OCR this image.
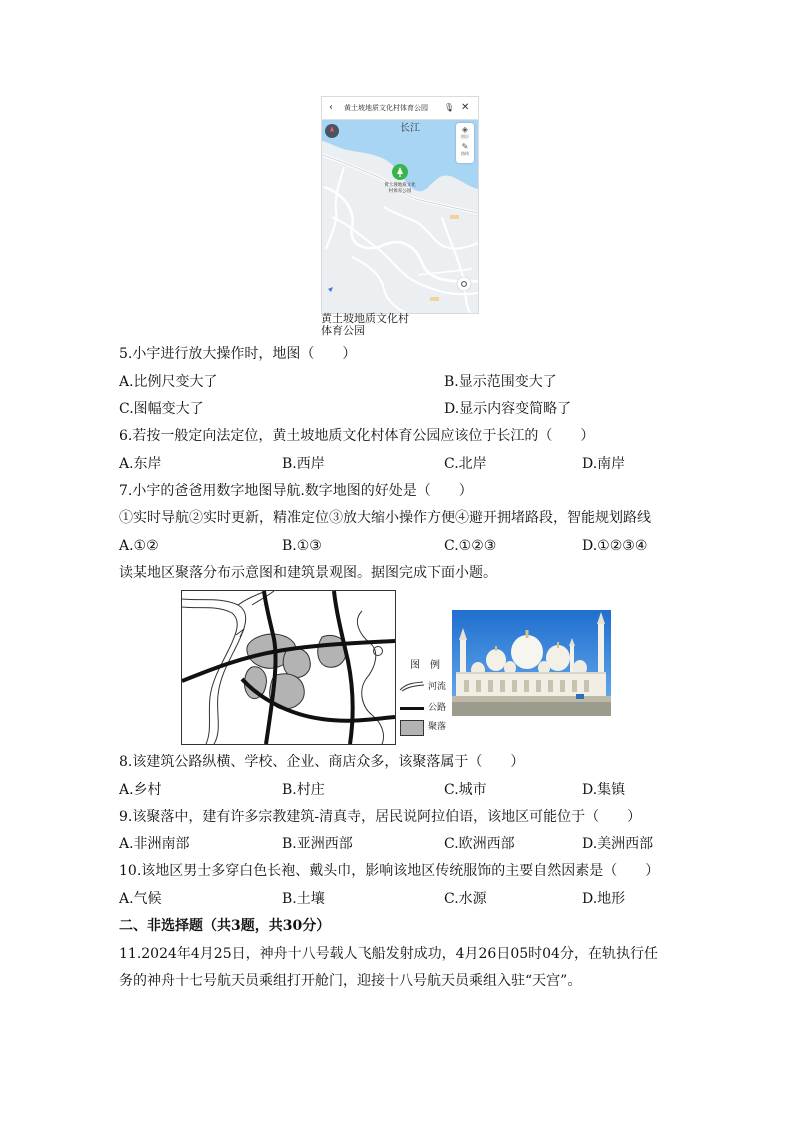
‹ 黄土坡地质文化村体育公园 🎙 ✕
◈
图层
✎
路线
长江
黄土坡地质文化村体育公园
黄土坡地质文化村
体育公园
5.小宇进行放大操作时，地图（　　）
A.比例尺变大了	B.显示范围变大了
C.图幅变大了	D.显示内容变简略了
6.若按一般定向法定位，黄土坡地质文化村体育公园应该位于长江的（　　）
A.东岸	B.西岸	C.北岸	D.南岸
7.小宇的爸爸用数字地图导航.数字地图的好处是（　　）
①实时导航②实时更新，精准定位③放大缩小操作方便④避开拥堵路段，智能规划路线
A.①②	B.①③	C.①②③	D.①②③④
读某地区聚落分布示意图和建筑景观图。据图完成下面小题。
图　例
河流
公路
聚落
8.该建筑公路纵横、学校、企业、商店众多，该聚落属于（　　）
A.乡村	B.村庄	C.城市	D.集镇
9.该聚落中，建有许多宗教建筑-清真寺，居民说阿拉伯语，该地区可能位于（　　）
A.非洲南部	B.亚洲西部	C.欧洲西部	D.美洲西部
10.该地区男士多穿白色长袍、戴头巾，影响该地区传统服饰的主要自然因素是（　　）
A.气候	B.土壤	C.水源	D.地形
二、非选择题（共3题，共30分）
11.2024年4月25日，神舟十八号载人飞船发射成功，4月26日05时04分，在轨执行任
务的神舟十七号航天员乘组打开舱门，迎接十八号航天员乘组入驻“天宫”。
